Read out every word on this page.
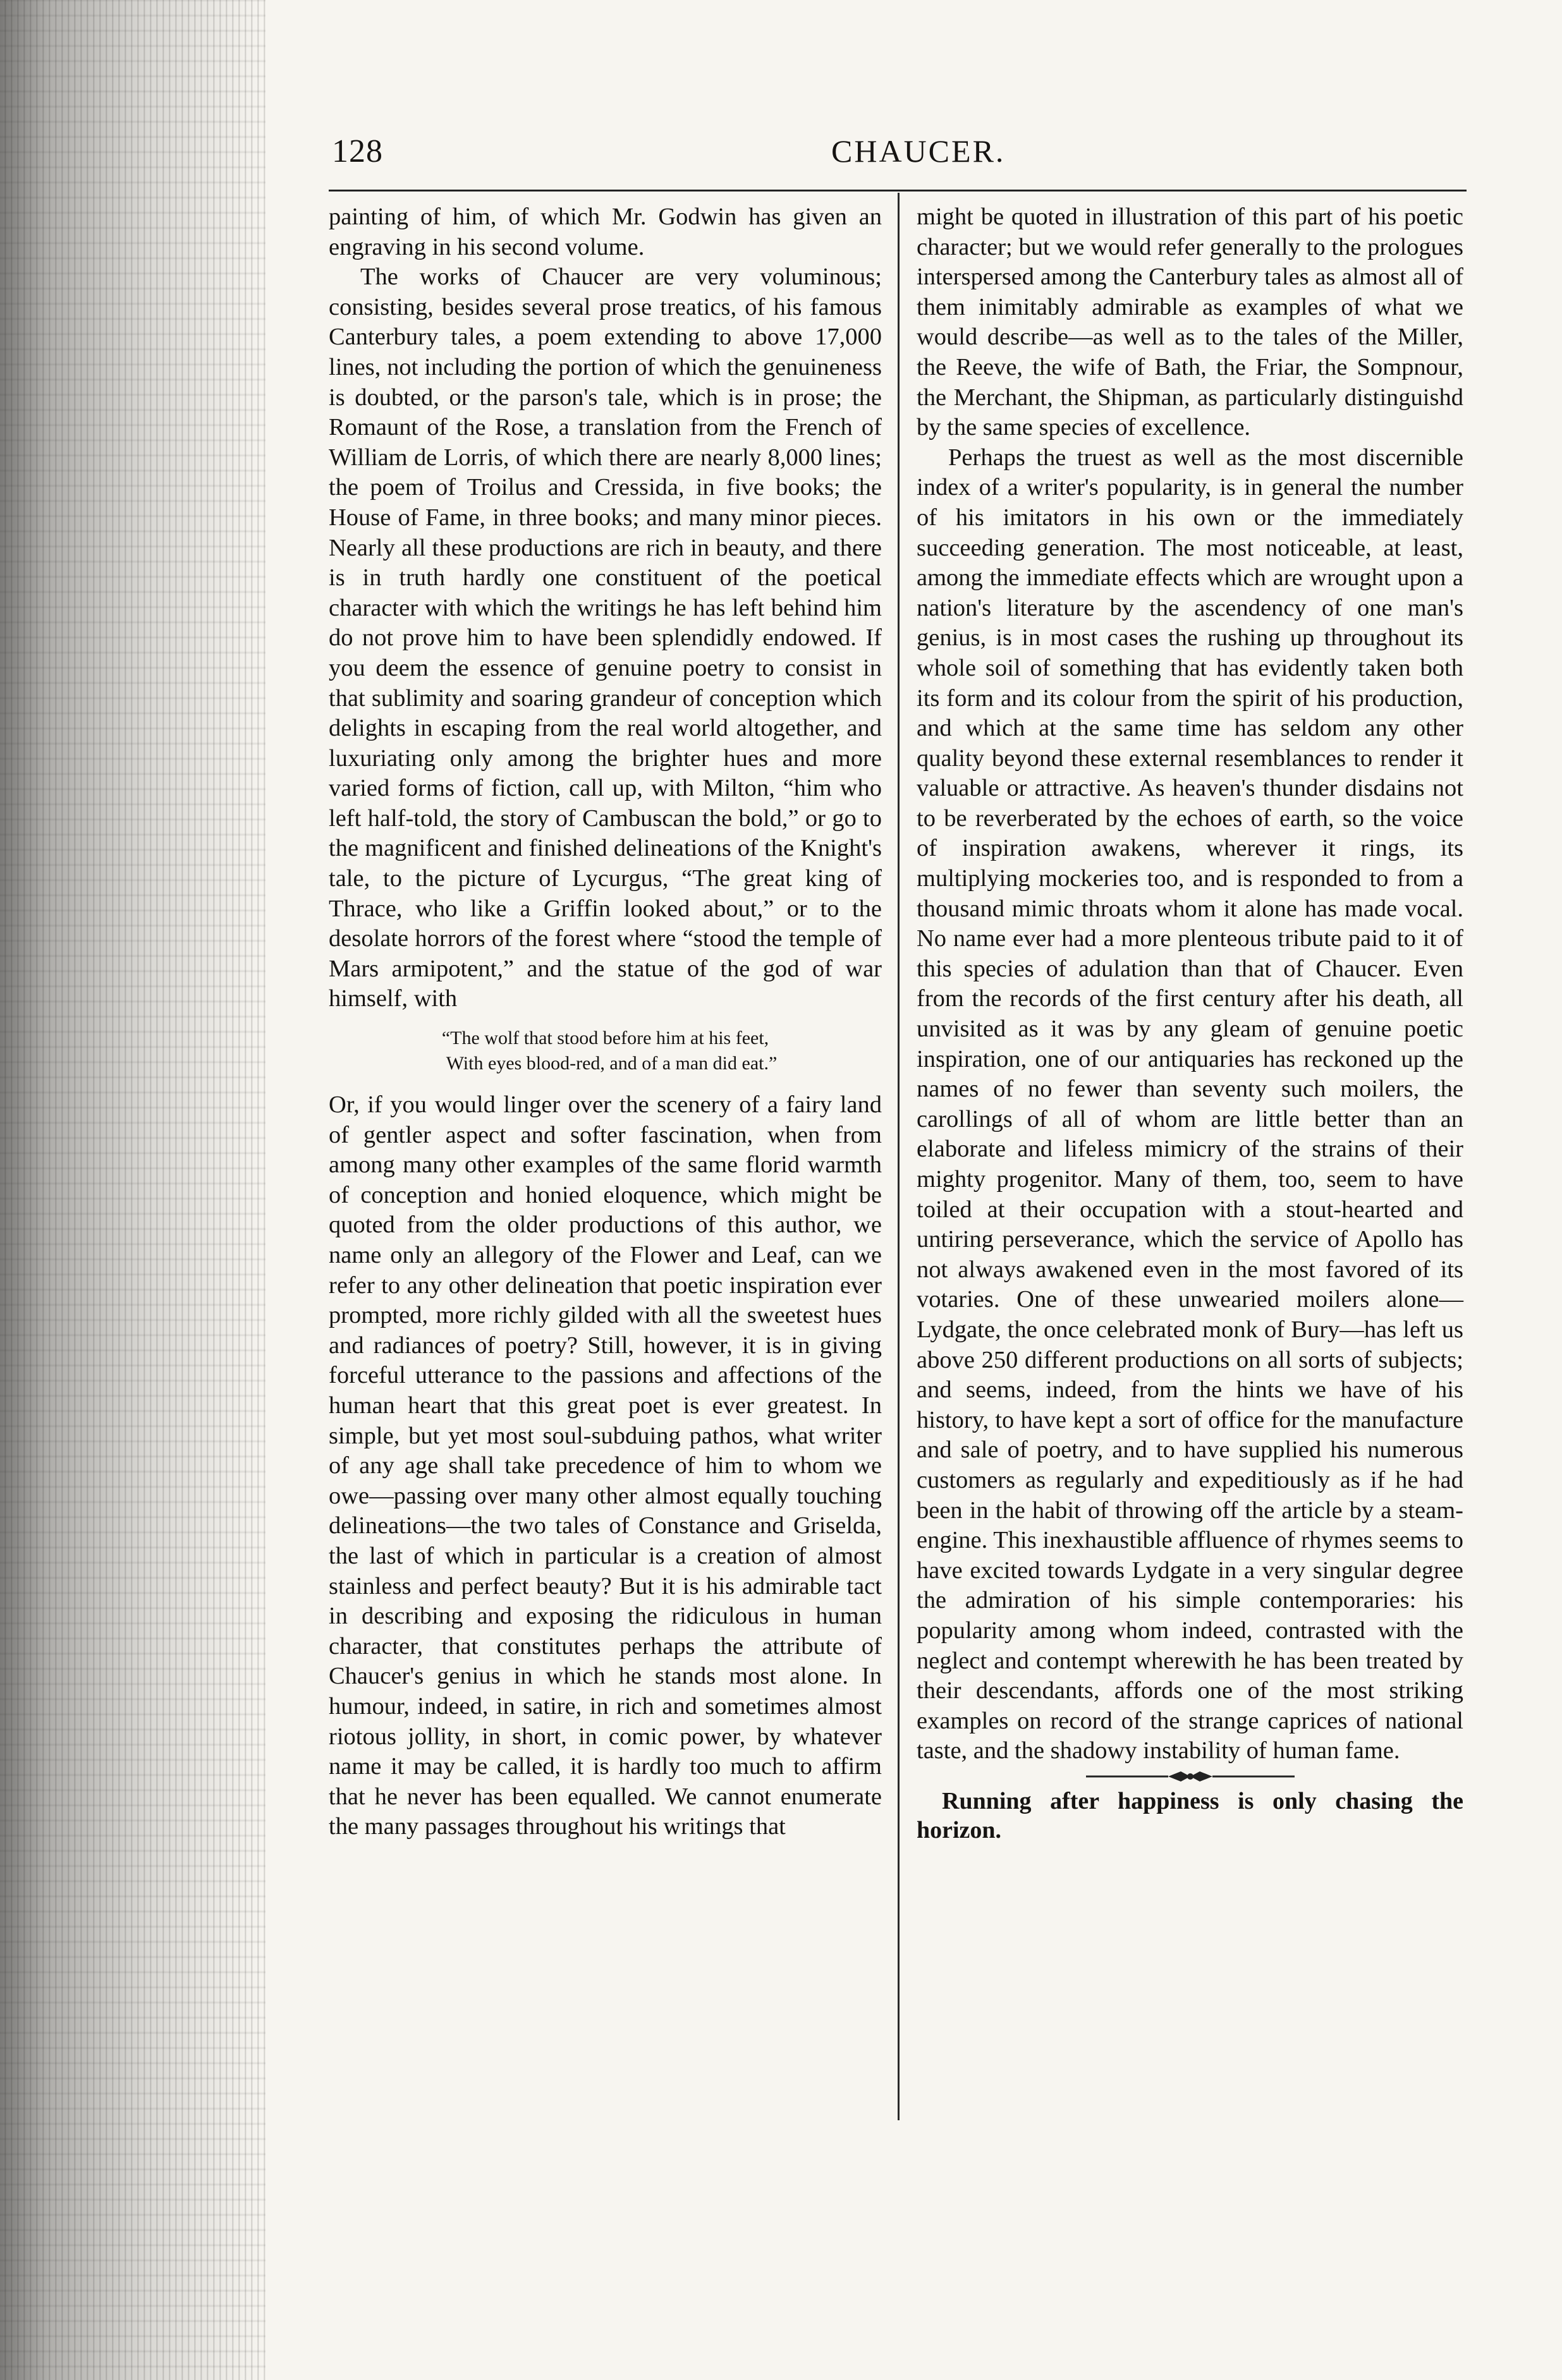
128	CHAUCER.

painting of him, of which Mr. Godwin has given an engraving in his second volume.

The works of Chaucer are very voluminous; consisting, besides several prose treatics, of his famous Canterbury tales, a poem extending to above 17,000 lines, not including the portion of which the genuineness is doubted, or the parson's tale, which is in prose; the Romaunt of the Rose, a translation from the French of William de Lorris, of which there are nearly 8,000 lines; the poem of Troilus and Cressida, in five books; the House of Fame, in three books; and many minor pieces. Nearly all these productions are rich in beauty, and there is in truth hardly one constituent of the poetical character with which the writings he has left behind him do not prove him to have been splendidly endowed. If you deem the essence of genuine poetry to consist in that sublimity and soaring grandeur of conception which delights in escaping from the real world altogether, and luxuriating only among the brighter hues and more varied forms of fiction, call up, with Milton, “him who left half-told, the story of Cambuscan the bold,” or go to the magnificent and finished delineations of the Knight's tale, to the picture of Lycurgus, “The great king of Thrace, who like a Griffin looked about,” or to the desolate horrors of the forest where “stood the temple of Mars armipotent,” and the statue of the god of war himself, with

“The wolf that stood before him at his feet,
With eyes blood-red, and of a man did eat.”

Or, if you would linger over the scenery of a fairy land of gentler aspect and softer fascination, when from among many other examples of the same florid warmth of conception and honied eloquence, which might be quoted from the older productions of this author, we name only an allegory of the Flower and Leaf, can we refer to any other delineation that poetic inspiration ever prompted, more richly gilded with all the sweetest hues and radiances of poetry? Still, however, it is in giving forceful utterance to the passions and affections of the human heart that this great poet is ever greatest. In simple, but yet most soul-subduing pathos, what writer of any age shall take precedence of him to whom we owe—passing over many other almost equally touching delineations—the two tales of Constance and Griselda, the last of which in particular is a creation of almost stainless and perfect beauty? But it is his admirable tact in describing and exposing the ridiculous in human character, that constitutes perhaps the attribute of Chaucer's genius in which he stands most alone. In humour, indeed, in satire, in rich and sometimes almost riotous jollity, in short, in comic power, by whatever name it may be called, it is hardly too much to affirm that he never has been equalled. We cannot enumerate the many passages throughout his writings that

might be quoted in illustration of this part of his poetic character; but we would refer generally to the prologues interspersed among the Canterbury tales as almost all of them inimitably admirable as examples of what we would describe—as well as to the tales of the Miller, the Reeve, the wife of Bath, the Friar, the Sompnour, the Merchant, the Shipman, as particularly distinguishd by the same species of excellence.

Perhaps the truest as well as the most discernible index of a writer's popularity, is in general the number of his imitators in his own or the immediately succeeding generation. The most noticeable, at least, among the immediate effects which are wrought upon a nation's literature by the ascendency of one man's genius, is in most cases the rushing up throughout its whole soil of something that has evidently taken both its form and its colour from the spirit of his production, and which at the same time has seldom any other quality beyond these external resemblances to render it valuable or attractive. As heaven's thunder disdains not to be reverberated by the echoes of earth, so the voice of inspiration awakens, wherever it rings, its multiplying mockeries too, and is responded to from a thousand mimic throats whom it alone has made vocal. No name ever had a more plenteous tribute paid to it of this species of adulation than that of Chaucer. Even from the records of the first century after his death, all unvisited as it was by any gleam of genuine poetic inspiration, one of our antiquaries has reckoned up the names of no fewer than seventy such moilers, the carollings of all of whom are little better than an elaborate and lifeless mimicry of the strains of their mighty progenitor. Many of them, too, seem to have toiled at their occupation with a stout-hearted and untiring perseverance, which the service of Apollo has not always awakened even in the most favored of its votaries. One of these unwearied moilers alone—Lydgate, the once celebrated monk of Bury—has left us above 250 different productions on all sorts of subjects; and seems, indeed, from the hints we have of his history, to have kept a sort of office for the manufacture and sale of poetry, and to have supplied his numerous customers as regularly and expeditiously as if he had been in the habit of throwing off the article by a steam-engine. This inexhaustible affluence of rhymes seems to have excited towards Lydgate in a very singular degree the admiration of his simple contemporaries: his popularity among whom indeed, contrasted with the neglect and contempt wherewith he has been treated by their descendants, affords one of the most striking examples on record of the strange caprices of national taste, and the shadowy instability of human fame.

Running after happiness is only chasing the horizon.
